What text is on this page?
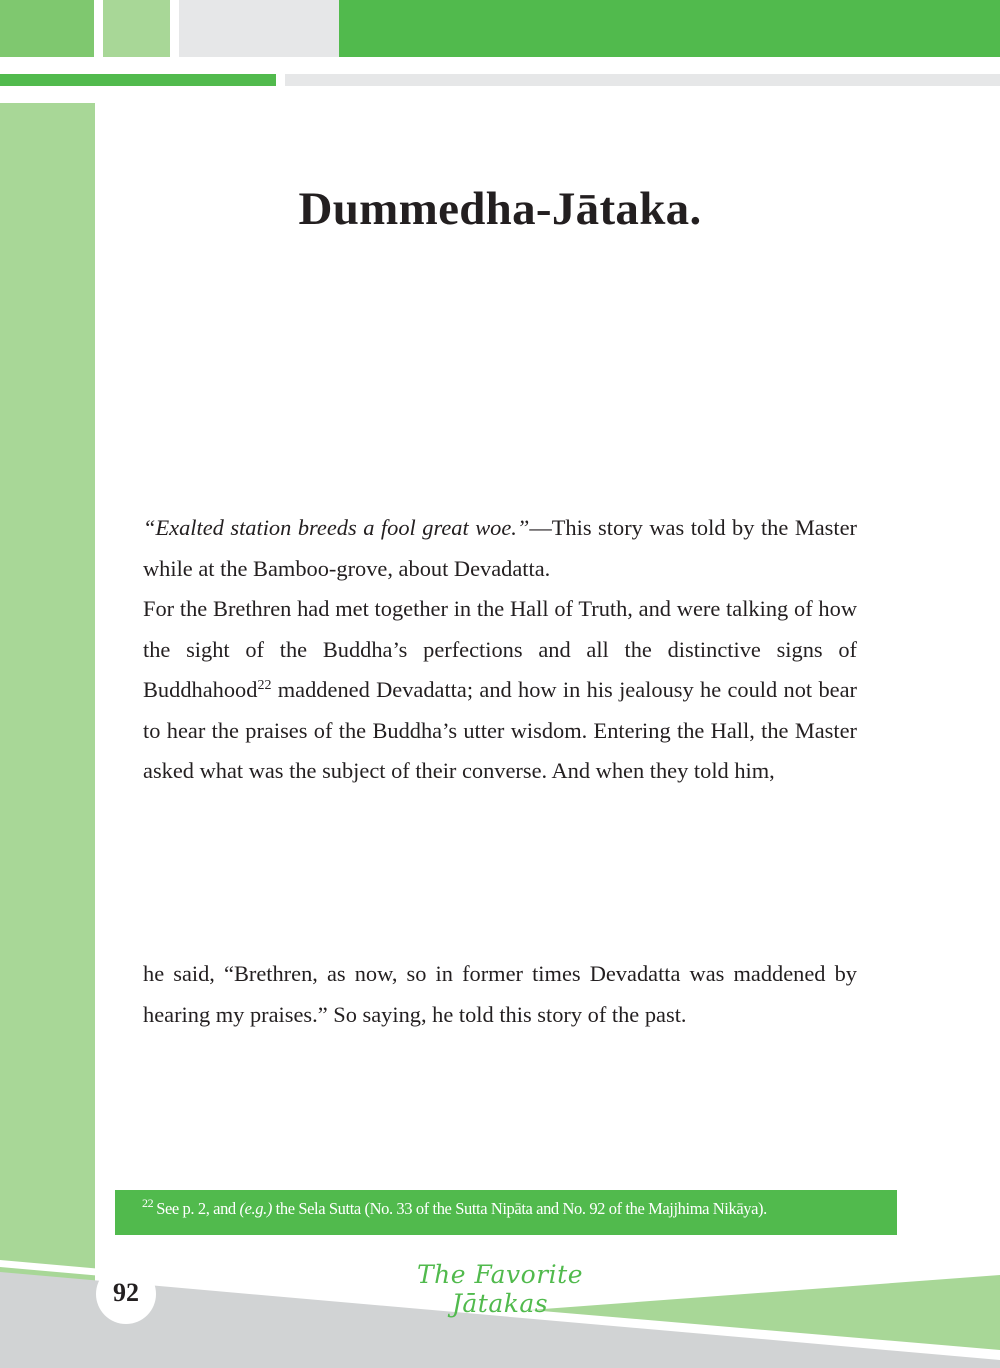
Dummedha-Jātaka.

“Exalted station breeds a fool great woe.”—This story was told by the Master while at the Bamboo-grove, about Devadatta.

For the Brethren had met together in the Hall of Truth, and were talking of how the sight of the Buddha’s perfections and all the distinctive signs of Buddhahood$^{22}$ maddened Devadatta; and how in his jealousy he could not bear to hear the praises of the Buddha’s utter wisdom. Entering the Hall, the Master asked what was the subject of their converse. And when they told him,

he said, “Brethren, as now, so in former times Devadatta was maddened by hearing my praises.” So saying, he told this story of the past.

$^{22}$ See p. 2, and (e.g.) the Sela Sutta (No. 33 of the Sutta Nipāta and No. 92 of the Majjhima Nikāya).
92
The Favorite Jātakas
